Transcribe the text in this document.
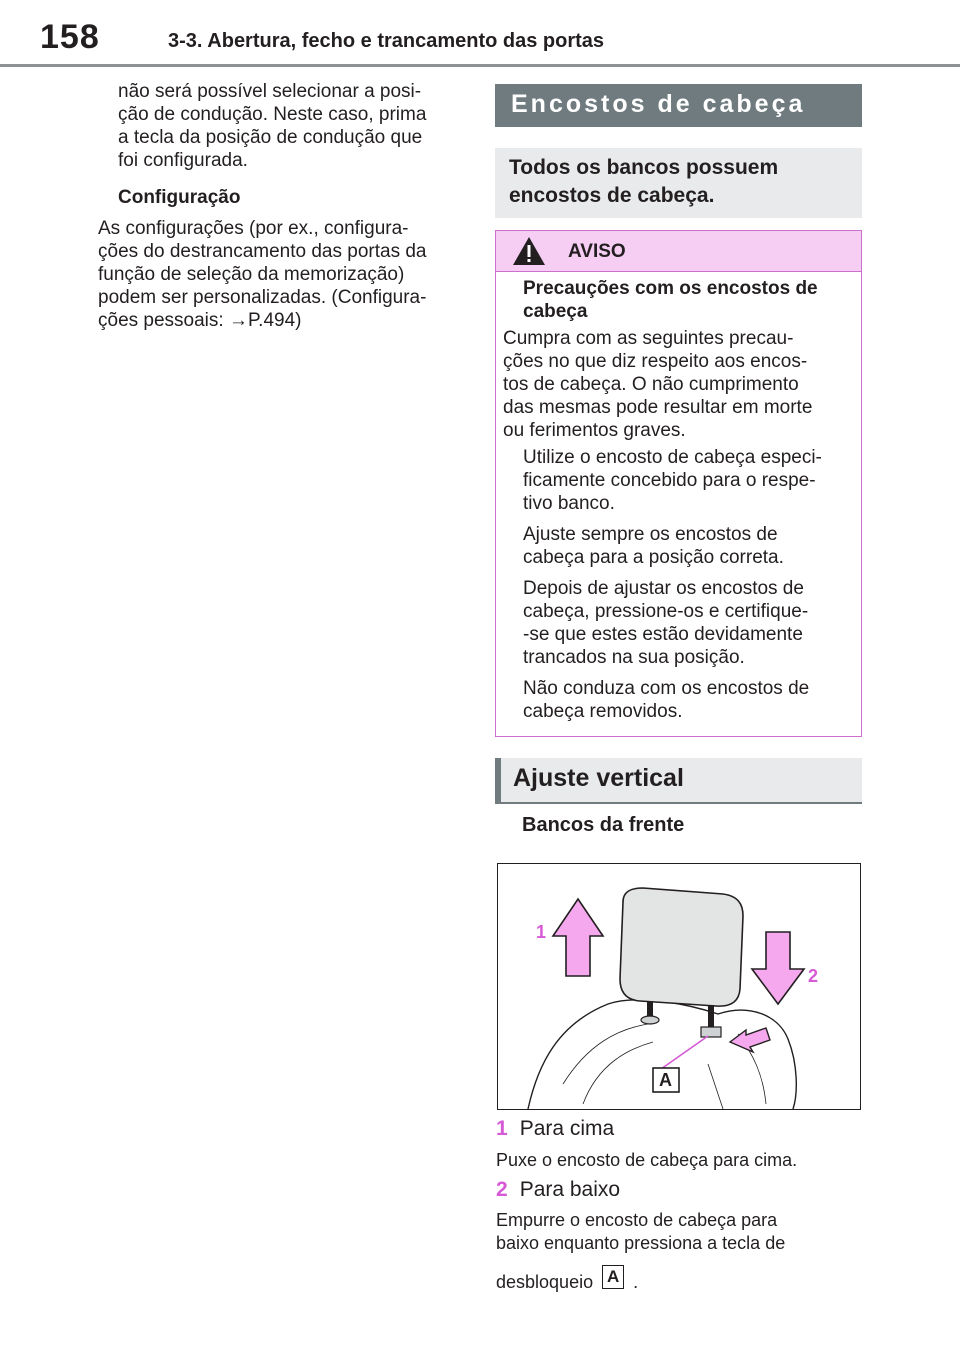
158	3-3. Abertura, fecho e trancamento das portas
não será possível selecionar a posi-
ção de condução. Neste caso, prima
a tecla da posição de condução que
foi configurada.
Configuração
As configurações (por ex., configura-
ções do destrancamento das portas da
função de seleção da memorização)
podem ser personalizadas. (Configura-
ções pessoais: →P.494)
Encostos de cabeça
Todos os bancos possuem
encostos de cabeça.
AVISO
Precauções com os encostos de
cabeça
Cumpra com as seguintes precau-
ções no que diz respeito aos encos-
tos de cabeça. O não cumprimento
das mesmas pode resultar em morte
ou ferimentos graves.
Utilize o encosto de cabeça especi-
ficamente concebido para o respe-
tivo banco.
Ajuste sempre os encostos de
cabeça para a posição correta.
Depois de ajustar os encostos de
cabeça, pressione-os e certifique-
-se que estes estão devidamente
trancados na sua posição.
Não conduza com os encostos de
cabeça removidos.
Ajuste vertical
Bancos da frente
1
2
A
1 Para cima
Puxe o encosto de cabeça para cima.
2 Para baixo
Empurre o encosto de cabeça para
baixo enquanto pressiona a tecla de
desbloqueio A .
